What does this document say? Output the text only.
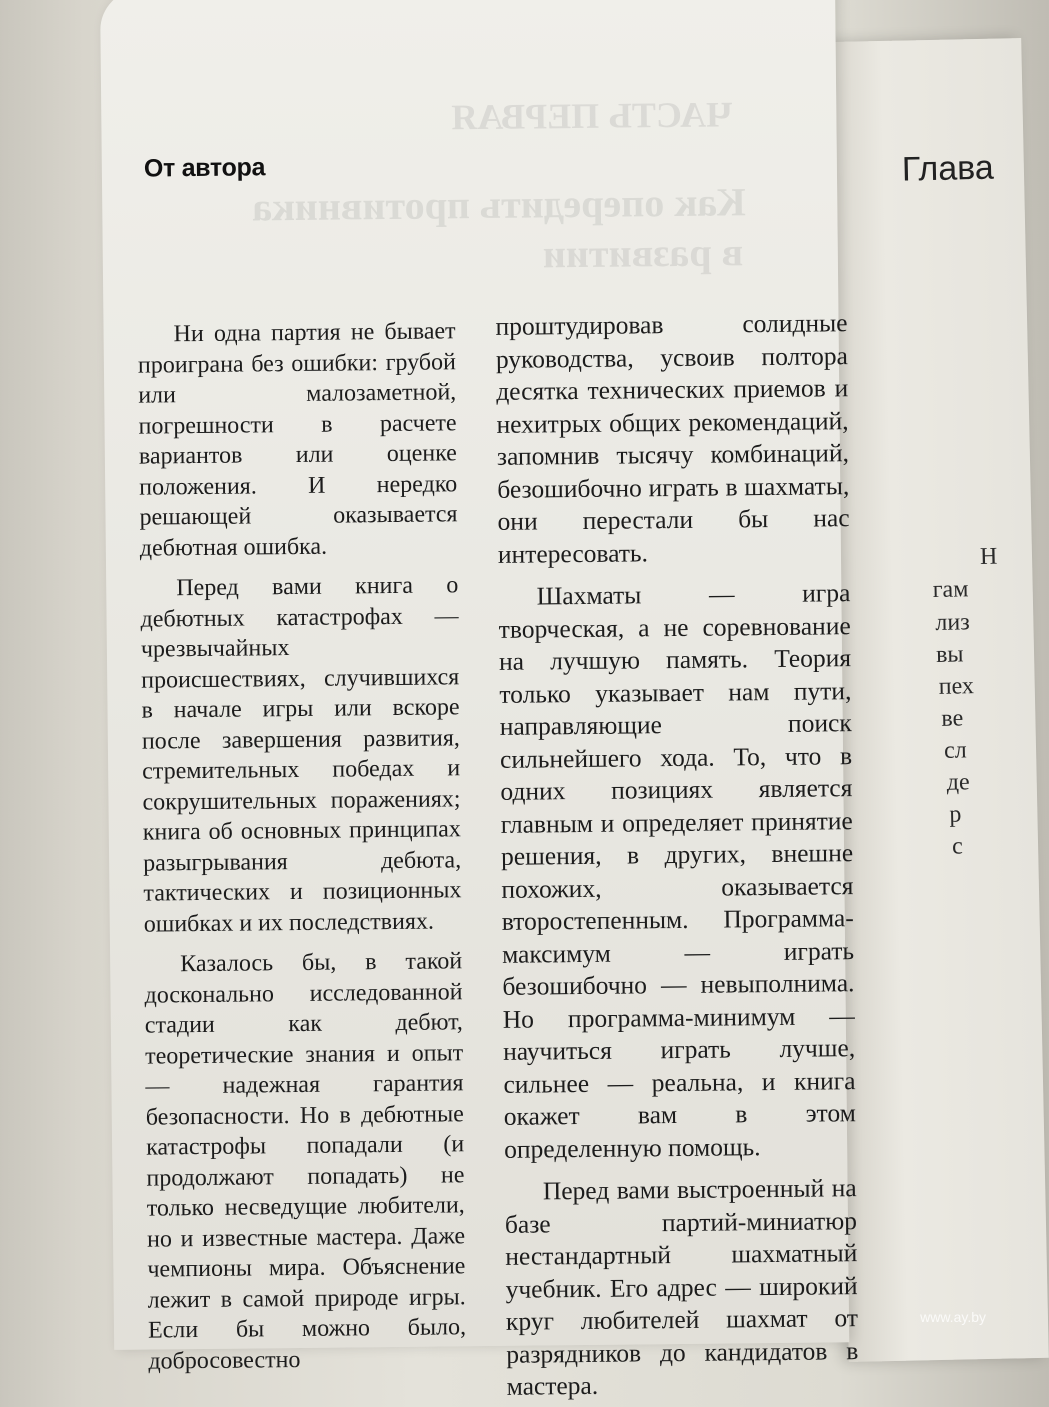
Глава
Н
гам
лиз
вы
пех
ве
сл
де
р
с
ЧАСТЬ ПЕРВАЯ
Как опередить противника
в развитии
От автора

Ни одна партия не бывает проиграна без ошибки: грубой или малозаметной, погрешности в расчете вариантов или оценке положения. И нередко решающей оказывается дебютная ошибка.

Перед вами книга о дебютных катастрофах — чрезвычайных происшествиях, случившихся в начале игры или вскоре после завершения развития, стремительных победах и сокрушительных поражениях; книга об основных принципах разыгрывания дебюта, тактических и позиционных ошибках и их последствиях.

Казалось бы, в такой досконально исследованной стадии как дебют, теоретические знания и опыт — надежная гарантия безопасности. Но в дебютные катастрофы попадали (и продолжают попадать) не только несведущие любители, но и известные мастера. Даже чемпионы мира. Объяснение лежит в самой природе игры. Если бы можно было, добросовестно

проштудировав солидные руководства, усвоив полтора десятка технических приемов и нехитрых общих рекомендаций, запомнив тысячу комбинаций, безошибочно играть в шахматы, они перестали бы нас интересовать.

Шахматы — игра творческая, а не соревнование на лучшую память. Теория только указывает нам пути, направляющие поиск сильнейшего хода. То, что в одних позициях является главным и определяет принятие решения, в других, внешне похожих, оказывается второстепенным. Программа-максимум — играть безошибочно — невыполнима. Но программа-минимум — научиться играть лучше, сильнее — реальна, и книга окажет вам в этом определенную помощь.

Перед вами выстроенный на базе партий-миниатюр нестандартный шахматный учебник. Его адрес — широкий круг любителей шахмат от разрядников до кандидатов в мастера.

www.ay.by
